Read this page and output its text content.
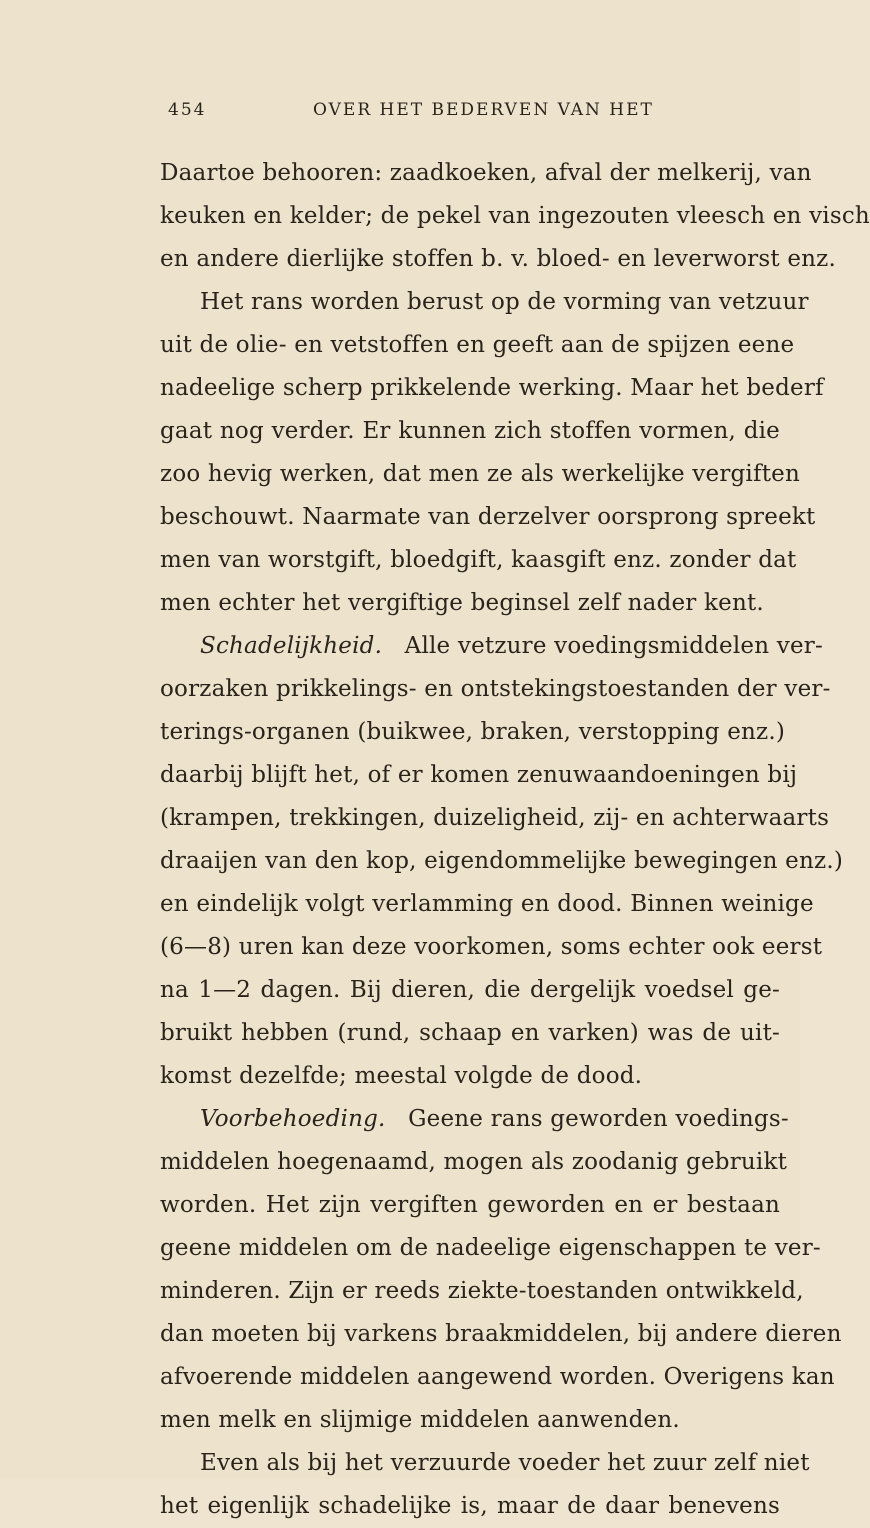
454	OVER HET BEDERVEN VAN HET
Daartoe behooren: zaadkoeken, afval der melkerij, van
keuken en kelder; de pekel van ingezouten vleesch en visch
en andere dierlijke stoffen b. v. bloed- en leverworst enz.
Het rans worden berust op de vorming van vetzuur
uit de olie- en vetstoffen en geeft aan de spijzen eene
nadeelige scherp prikkelende werking. Maar het bederf
gaat nog verder. Er kunnen zich stoffen vormen, die
zoo hevig werken, dat men ze als werkelijke vergiften
beschouwt. Naarmate van derzelver oorsprong spreekt
men van worstgift, bloedgift, kaasgift enz. zonder dat
men echter het vergiftige beginsel zelf nader kent.
Schadelijkheid. Alle vetzure voedingsmiddelen ver-
oorzaken prikkelings- en ontstekingstoestanden der ver-
terings-organen (buikwee, braken, verstopping enz.)
daarbij blijft het, of er komen zenuwaandoeningen bij
(krampen, trekkingen, duizeligheid, zij- en achterwaarts
draaijen van den kop, eigendommelijke bewegingen enz.)
en eindelijk volgt verlamming en dood. Binnen weinige
(6—8) uren kan deze voorkomen, soms echter ook eerst
na 1—2 dagen. Bij dieren, die dergelijk voedsel ge-
bruikt hebben (rund, schaap en varken) was de uit-
komst dezelfde; meestal volgde de dood.
Voorbehoeding. Geene rans geworden voedings-
middelen hoegenaamd, mogen als zoodanig gebruikt
worden. Het zijn vergiften geworden en er bestaan
geene middelen om de nadeelige eigenschappen te ver-
minderen. Zijn er reeds ziekte-toestanden ontwikkeld,
dan moeten bij varkens braakmiddelen, bij andere dieren
afvoerende middelen aangewend worden. Overigens kan
men melk en slijmige middelen aanwenden.
Even als bij het verzuurde voeder het zuur zelf niet
het eigenlijk schadelijke is, maar de daar benevens
